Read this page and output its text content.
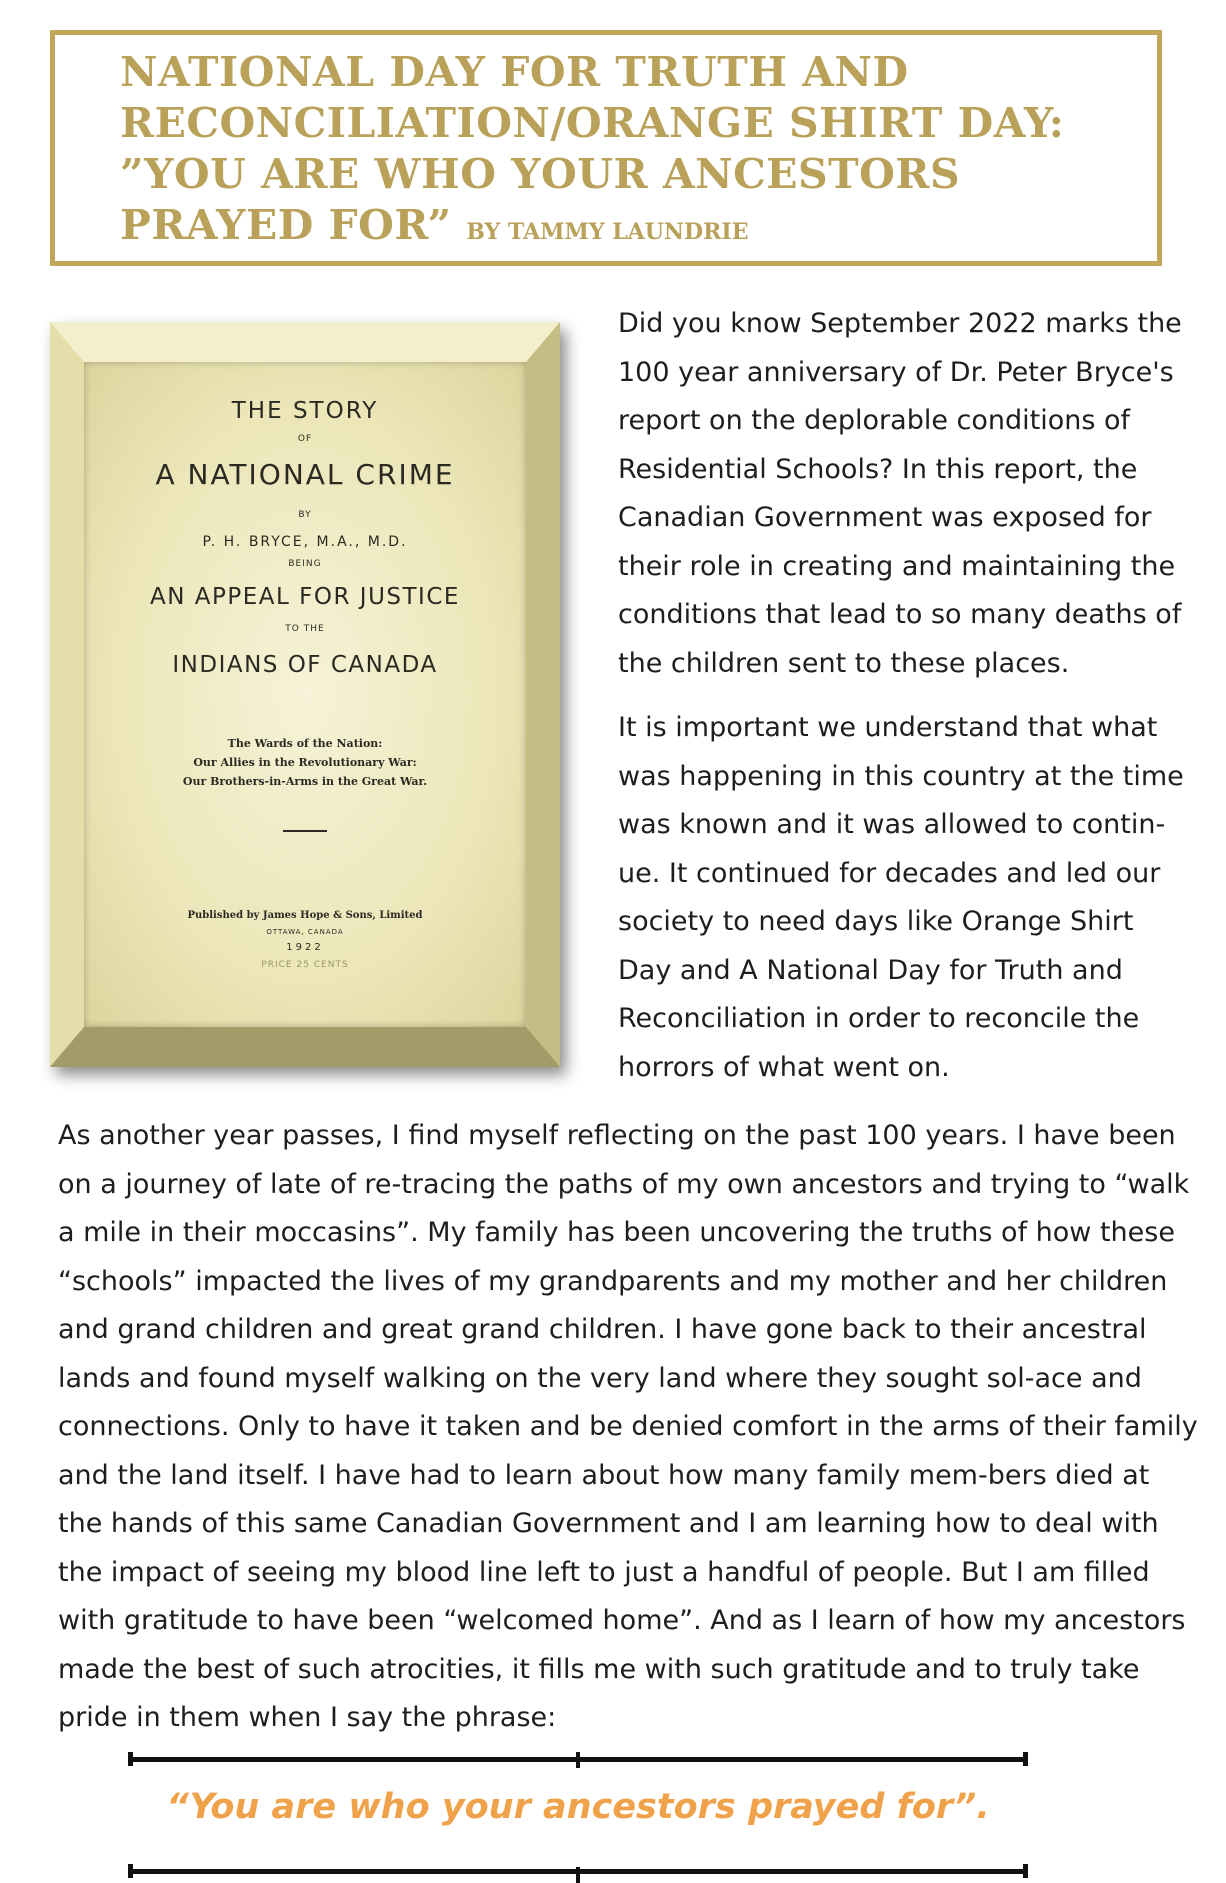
NATIONAL DAY FOR TRUTH AND
RECONCILIATION/ORANGE SHIRT DAY:
”YOU ARE WHO YOUR ANCESTORS
PRAYED FOR” BY TAMMY LAUNDRIE
THE STORY
OF
A NATIONAL CRIME
BY
P. H. BRYCE, M.A., M.D.
BEING
AN APPEAL FOR JUSTICE
TO THE
INDIANS OF CANADA
The Wards of the Nation:
Our Allies in the Revolutionary War:
Our Brothers-in-Arms in the Great War.
Published by James Hope & Sons, Limited
OTTAWA, CANADA
1922
PRICE 25 CENTS

Did you know September 2022 marks the 100 year anniversary of Dr. Peter Bryce's report on the deplorable conditions of Residential Schools? In this report, the Canadian Government was exposed for their role in creating and maintaining the conditions that lead to so many deaths of the children sent to these places.

It is important we understand that what was happening in this country at the time was known and it was allowed to contin-ue. It continued for decades and led our society to need days like Orange Shirt Day and A National Day for Truth and Reconciliation in order to reconcile the horrors of what went on.

As another year passes, I find myself reflecting on the past 100 years. I have been on a journey of late of re-tracing the paths of my own ancestors and trying to “walk a mile in their moccasins”. My family has been uncovering the truths of how these “schools” impacted the lives of my grandparents and my mother and her children and grand children and great grand children. I have gone back to their ancestral lands and found myself walking on the very land where they sought sol-ace and connections. Only to have it taken and be denied comfort in the arms of their family and the land itself. I have had to learn about how many family mem-bers died at the hands of this same Canadian Government and I am learning how to deal with the impact of seeing my blood line left to just a handful of people. But I am filled with gratitude to have been “welcomed home”. And as I learn of how my ancestors made the best of such atrocities, it fills me with such gratitude and to truly take pride in them when I say the phrase:

“You are who your ancestors prayed for”.
